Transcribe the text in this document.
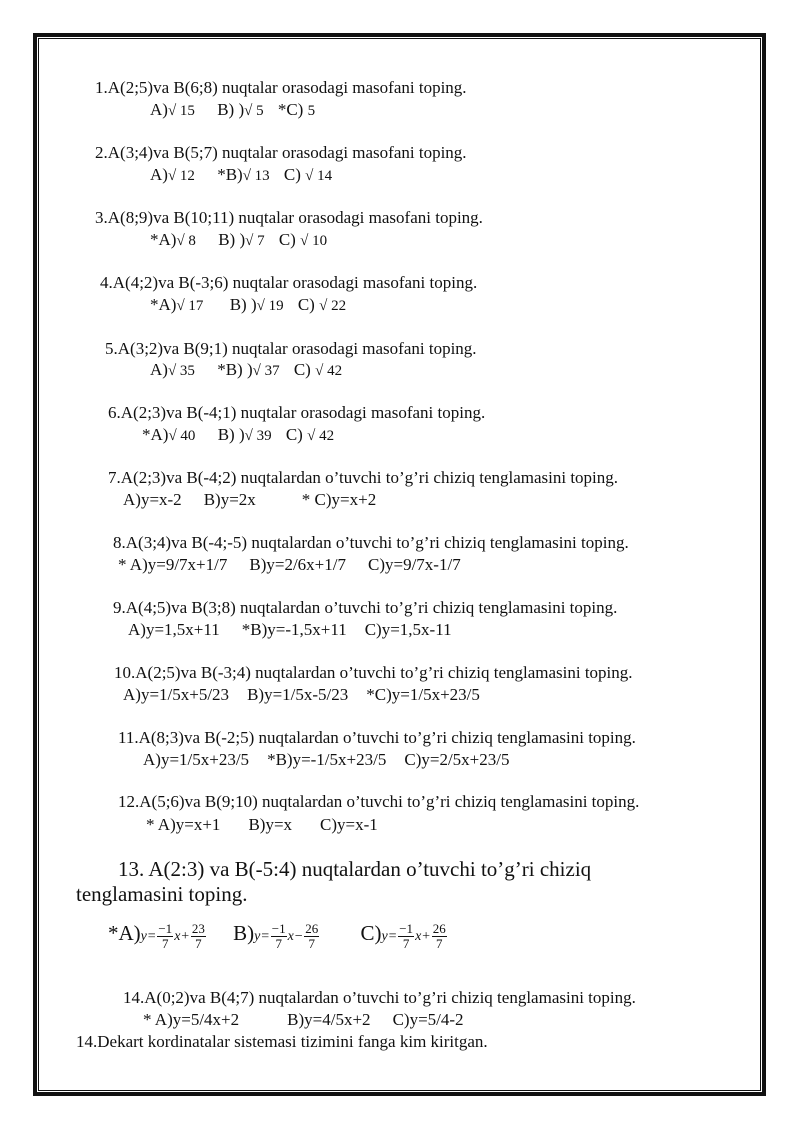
1.A(2;5)va B(6;8) nuqtalar orasodagi masofani toping.
A)√ 15 B) )√ 5 *C) 5
2.A(3;4)va B(5;7) nuqtalar orasodagi masofani toping.
A)√ 12 *B)√ 13 C) √ 14
3.A(8;9)va B(10;11) nuqtalar orasodagi masofani toping.
*A)√ 8 B) )√ 7 C) √ 10
4.A(4;2)va B(-3;6) nuqtalar orasodagi masofani toping.
*A)√ 17 B) )√ 19 C) √ 22
5.A(3;2)va B(9;1) nuqtalar orasodagi masofani toping.
A)√ 35 *B) )√ 37 C) √ 42
6.A(2;3)va B(-4;1) nuqtalar orasodagi masofani toping.
*A)√ 40 B) )√ 39 C) √ 42
7.A(2;3)va B(-4;2) nuqtalardan o’tuvchi to’g’ri chiziq tenglamasini toping.
A)y=x-2 B)y=2x	* C)y=x+2
8.A(3;4)va B(-4;-5) nuqtalardan o’tuvchi to’g’ri chiziq tenglamasini toping.
* A)y=9/7x+1/7 B)y=2/6x+1/7 C)y=9/7x-1/7
9.A(4;5)va B(3;8) nuqtalardan o’tuvchi to’g’ri chiziq tenglamasini toping.
A)y=1,5x+11 *B)y=-1,5x+11 C)y=1,5x-11
10.A(2;5)va B(-3;4) nuqtalardan o’tuvchi to’g’ri chiziq tenglamasini toping.
A)y=1/5x+5/23 B)y=1/5x-5/23 *C)y=1/5x+23/5
11.A(8;3)va B(-2;5) nuqtalardan o’tuvchi to’g’ri chiziq tenglamasini toping.
A)y=1/5x+23/5 *B)y=-1/5x+23/5 C)y=2/5x+23/5
12.A(5;6)va B(9;10) nuqtalardan o’tuvchi to’g’ri chiziq tenglamasini toping.
* A)y=x+1 B)y=x C)y=x-1
13. A(2:3) va B(-5:4) nuqtalardan o’tuvchi to’g’ri chiziq
tenglamasini toping.
$*A)y= \frac{-1}{7} x+ \frac{23}{7} B)y= \frac{-1}{7} x- \frac{26}{7} C)y= \frac{-1}{7} x+ \frac{26}{7}$
14.A(0;2)va B(4;7) nuqtalardan o’tuvchi to’g’ri chiziq tenglamasini toping.
* A)y=5/4x+2	B)y=4/5x+2 C)y=5/4-2
14.Dekart kordinatalar sistemasi tizimini fanga kim kiritgan.
